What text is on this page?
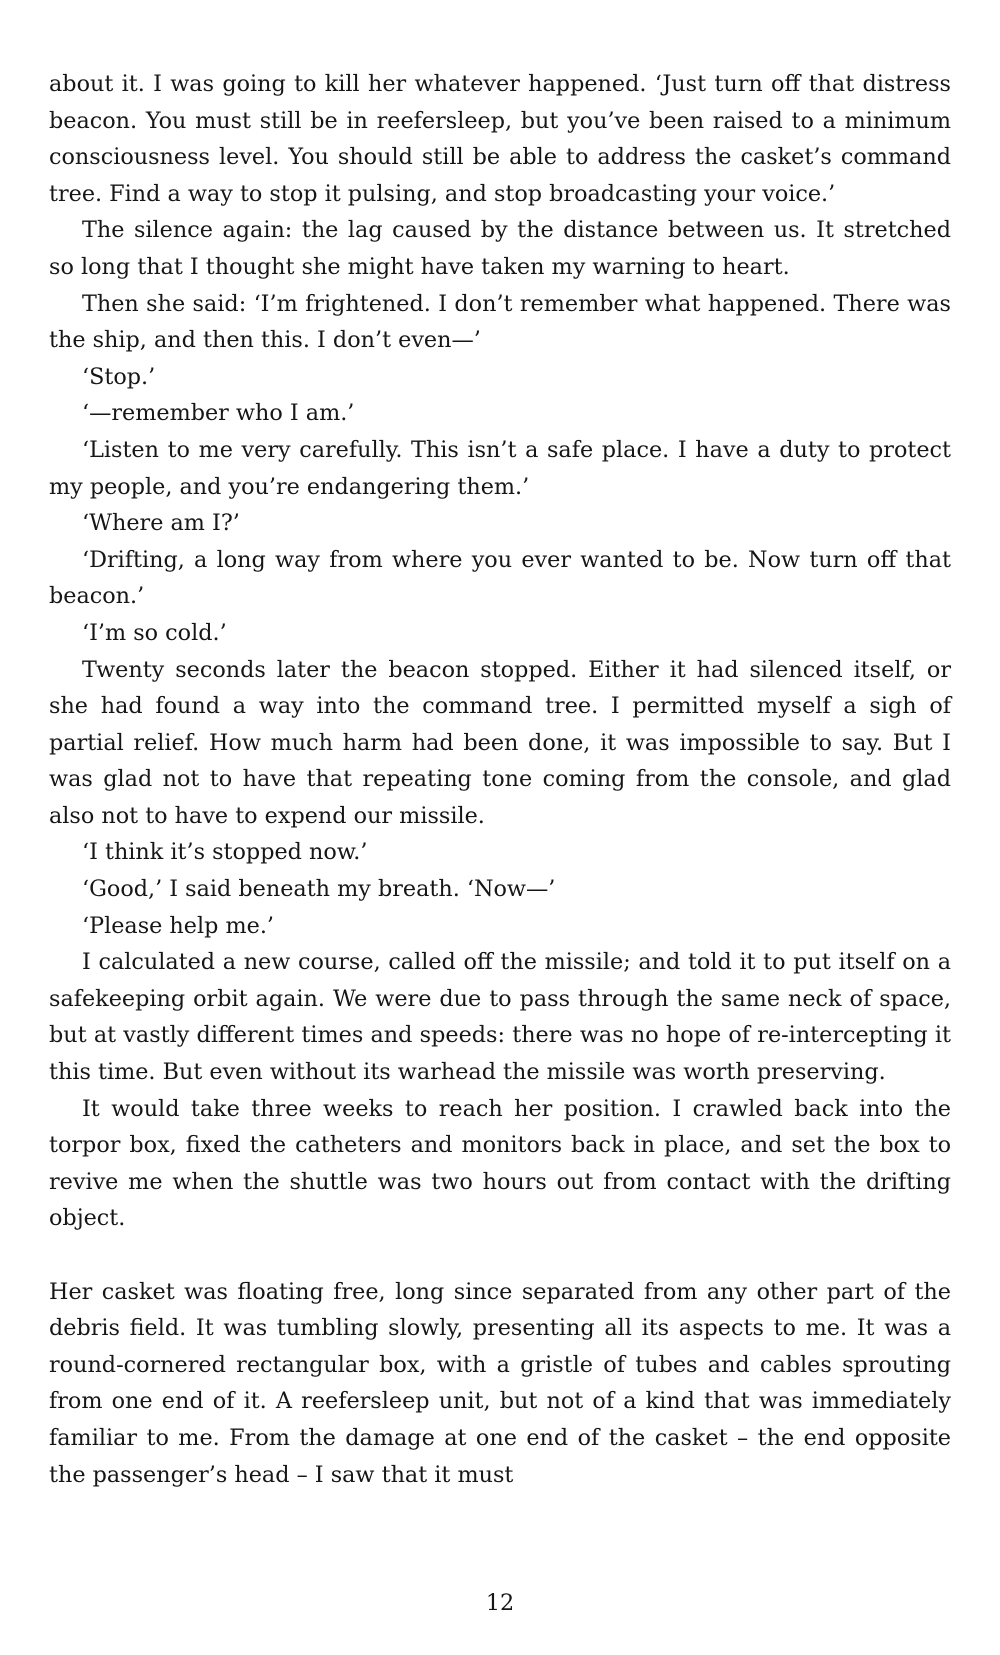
about it. I was going to kill her whatever happened. ‘Just turn off that distress beacon. You must still be in reefersleep, but you’ve been raised to a minimum consciousness level. You should still be able to address the casket’s command tree. Find a way to stop it pulsing, and stop broadcasting your voice.’

The silence again: the lag caused by the distance between us. It stretched so long that I thought she might have taken my warning to heart.

Then she said: ‘I’m frightened. I don’t remember what happened. There was the ship, and then this. I don’t even—’

‘Stop.’

‘—remember who I am.’

‘Listen to me very carefully. This isn’t a safe place. I have a duty to protect my people, and you’re endangering them.’

‘Where am I?’

‘Drifting, a long way from where you ever wanted to be. Now turn off that beacon.’

‘I’m so cold.’

Twenty seconds later the beacon stopped. Either it had silenced itself, or she had found a way into the command tree. I permitted myself a sigh of partial relief. How much harm had been done, it was impossible to say. But I was glad not to have that repeating tone coming from the console, and glad also not to have to expend our missile.

‘I think it’s stopped now.’

‘Good,’ I said beneath my breath. ‘Now—’

‘Please help me.’

I calculated a new course, called off the missile; and told it to put itself on a safekeeping orbit again. We were due to pass through the same neck of space, but at vastly different times and speeds: there was no hope of re-intercepting it this time. But even without its warhead the missile was worth preserving.

It would take three weeks to reach her position. I crawled back into the torpor box, fixed the catheters and monitors back in place, and set the box to revive me when the shuttle was two hours out from contact with the drifting object.

Her casket was floating free, long since separated from any other part of the debris field. It was tumbling slowly, presenting all its aspects to me. It was a round-cornered rectangular box, with a gristle of tubes and cables sprouting from one end of it. A reefersleep unit, but not of a kind that was immediately familiar to me. From the damage at one end of the casket – the end opposite the passenger’s head – I saw that it must

12
